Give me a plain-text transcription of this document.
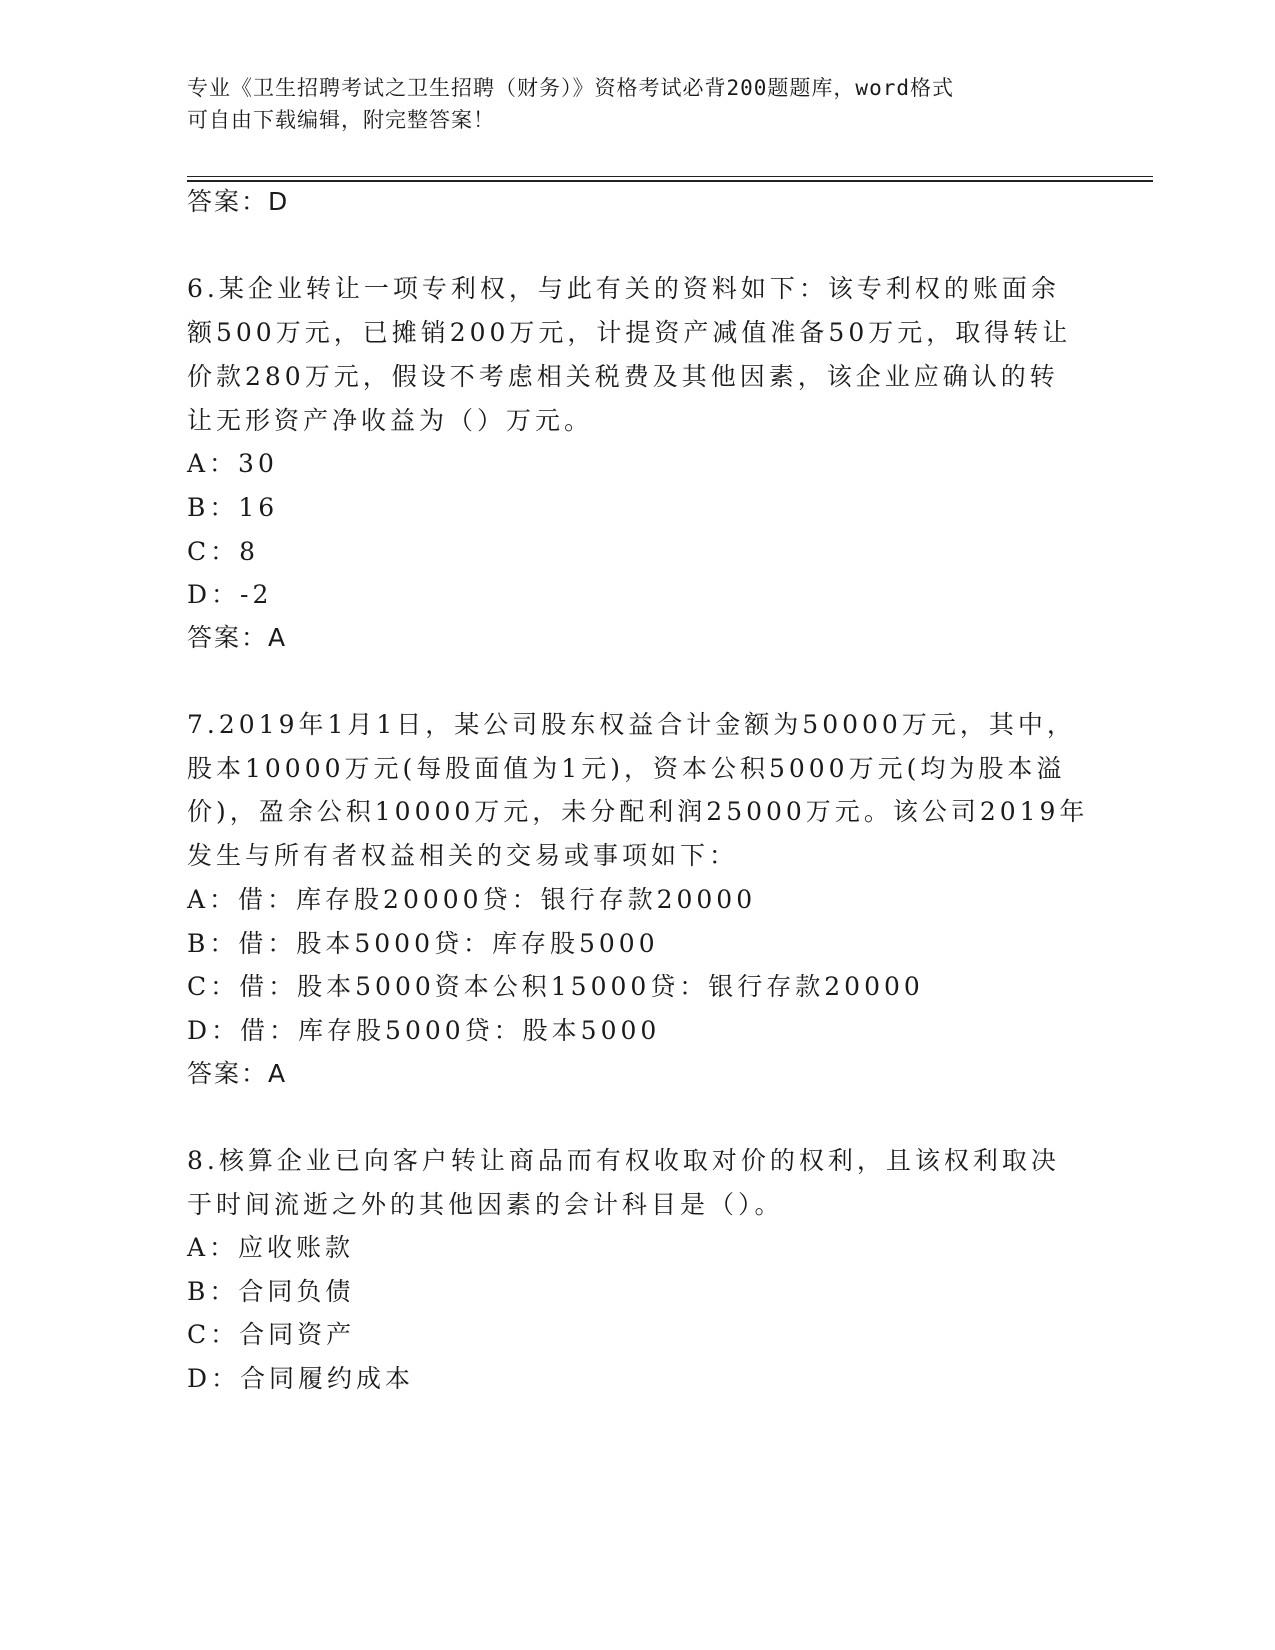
专业《卫生招聘考试之卫生招聘（财务）》资格考试必背200题题库，word格式
可自由下载编辑，附完整答案！
答案：D
6.某企业转让一项专利权，与此有关的资料如下：该专利权的账面余
额500万元，已摊销200万元，计提资产减值准备50万元，取得转让
价款280万元，假设不考虑相关税费及其他因素，该企业应确认的转
让无形资产净收益为（）万元。
A：30
B：16
C：8
D：-2
答案：A
7.2019年1月1日，某公司股东权益合计金额为50000万元，其中，
股本10000万元(每股面值为1元)，资本公积5000万元(均为股本溢
价)，盈余公积10000万元，未分配利润25000万元。该公司2019年
发生与所有者权益相关的交易或事项如下：
A：借：库存股20000贷：银行存款20000
B：借：股本5000贷：库存股5000
C：借：股本5000资本公积15000贷：银行存款20000
D：借：库存股5000贷：股本5000
答案：A
8.核算企业已向客户转让商品而有权收取对价的权利，且该权利取决
于时间流逝之外的其他因素的会计科目是（）。
A：应收账款
B：合同负债
C：合同资产
D：合同履约成本
